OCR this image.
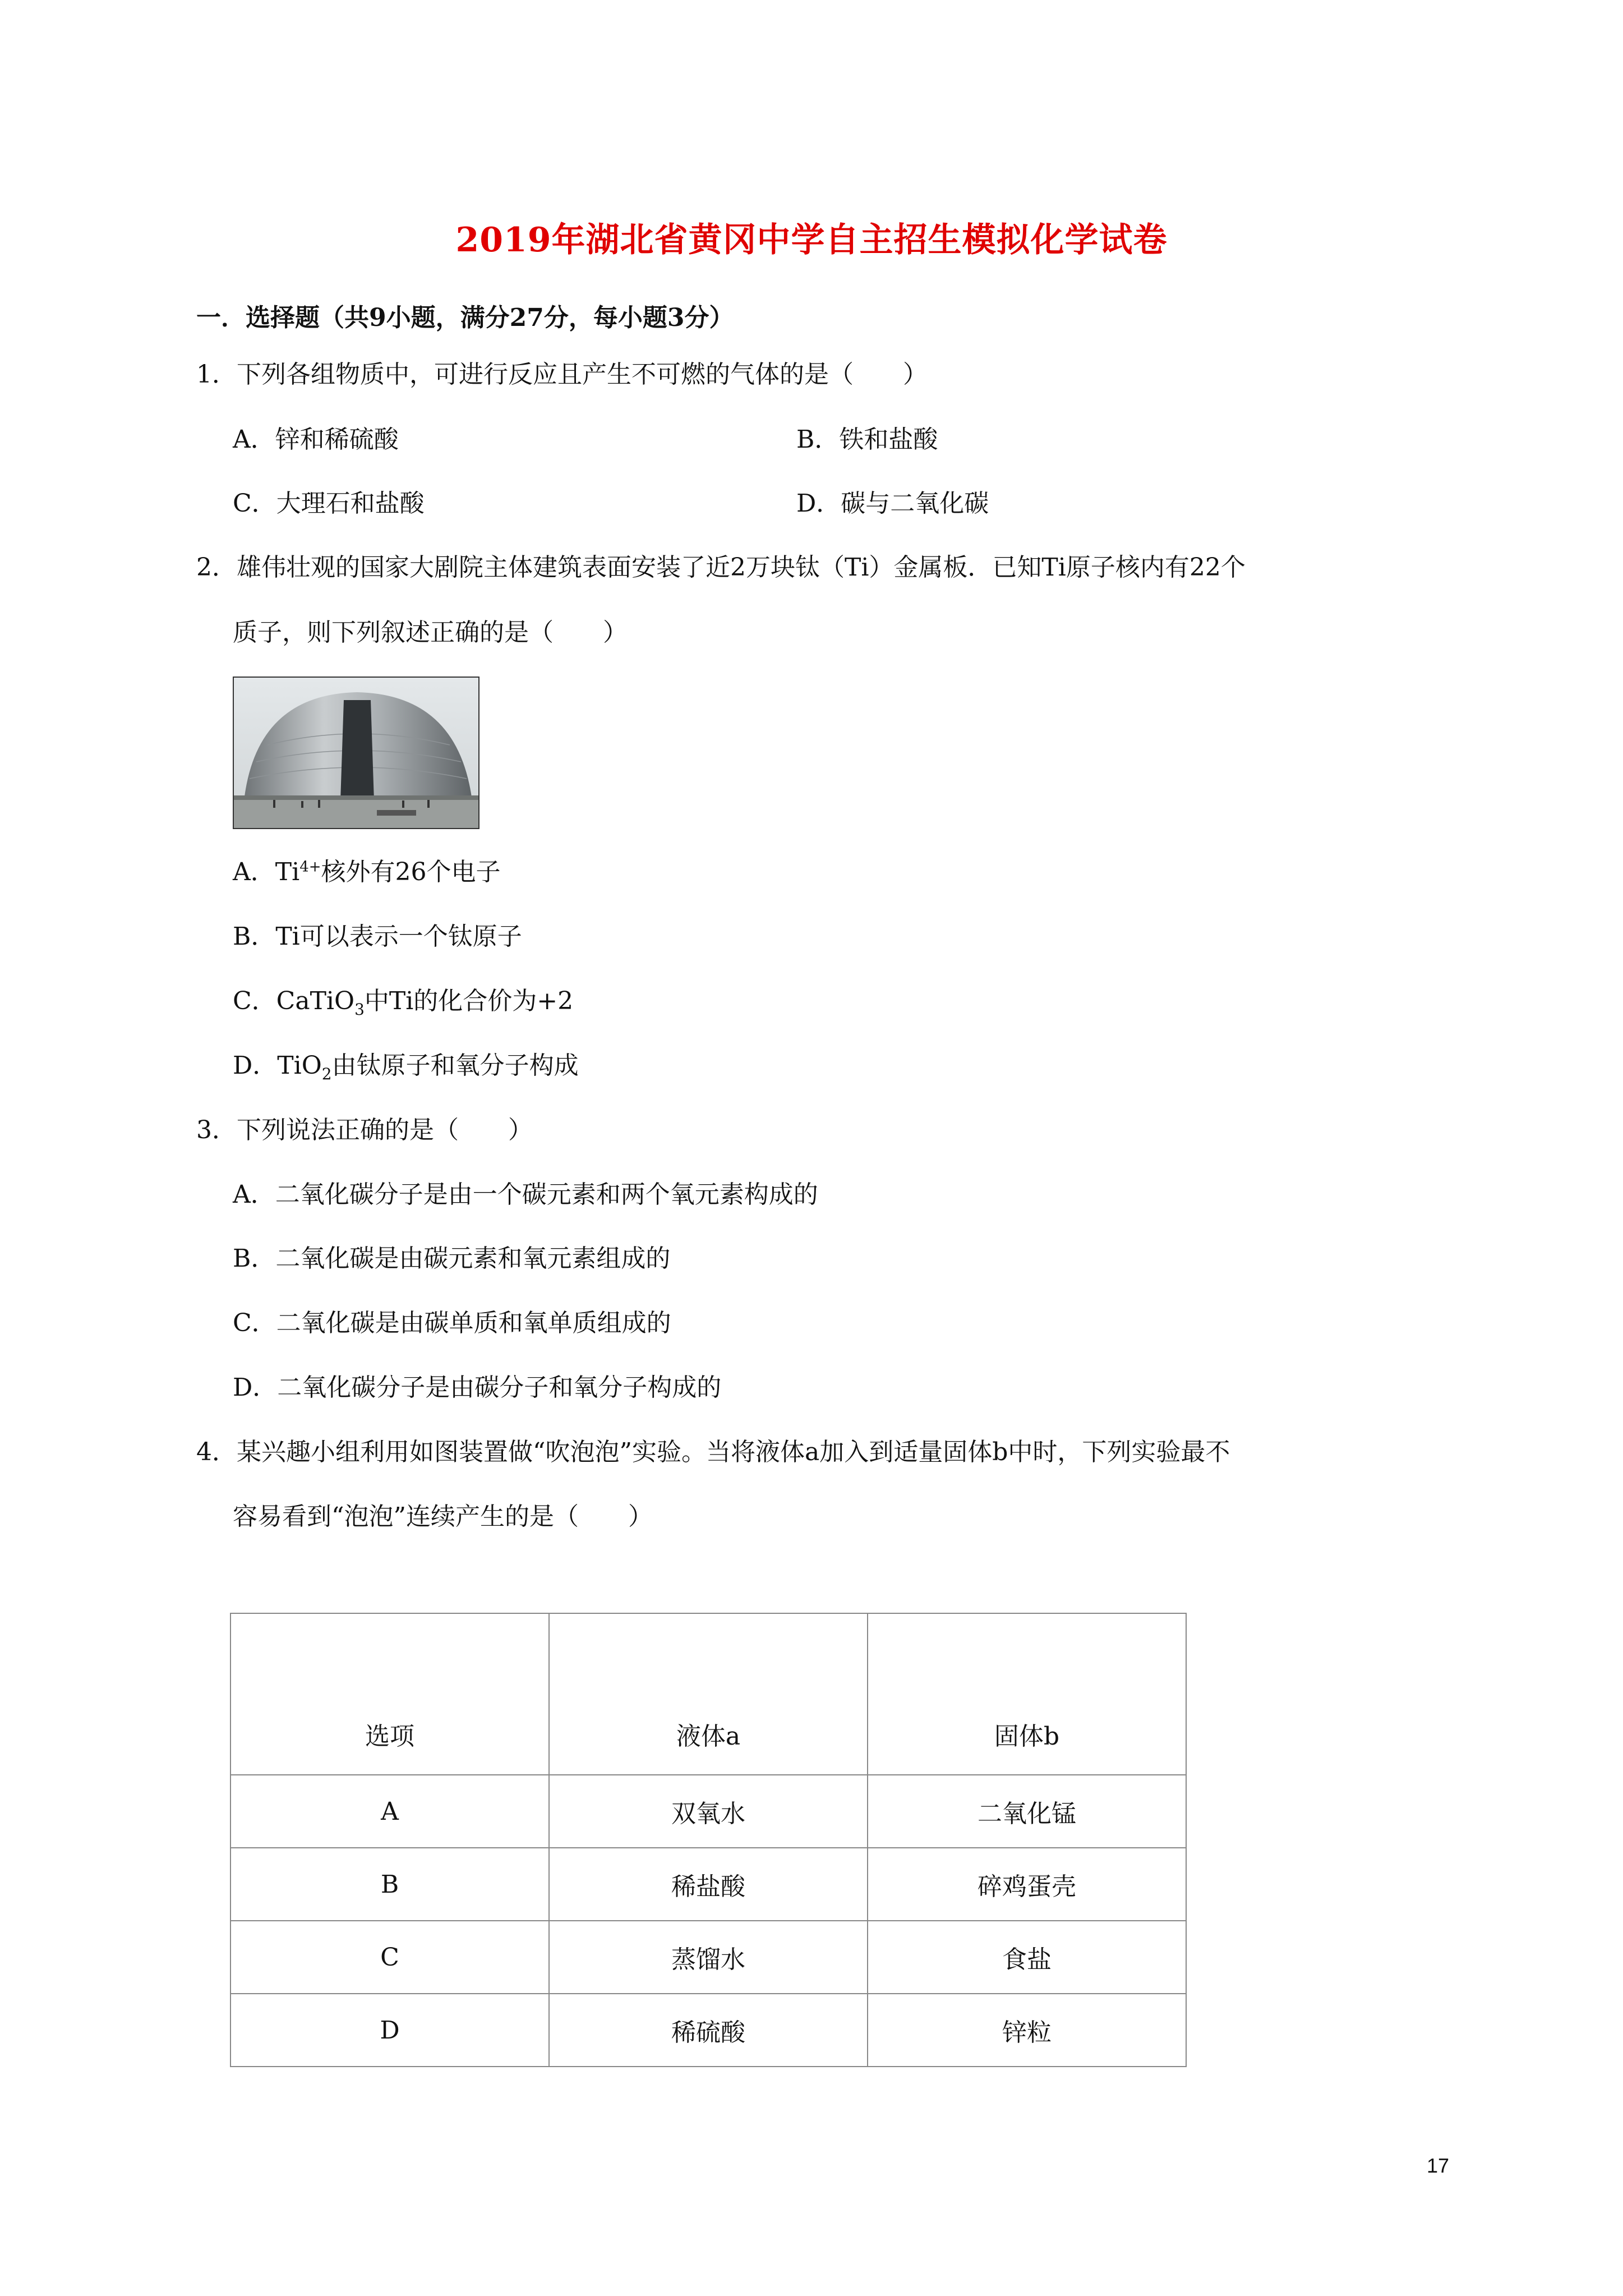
2019年湖北省黄冈中学自主招生模拟化学试卷
一．选择题（共9小题，满分27分，每小题3分）
1．下列各组物质中，可进行反应且产生不可燃的气体的是（　　）
A．锌和稀硫酸	B．铁和盐酸
C．大理石和盐酸	D．碳与二氧化碳
2．雄伟壮观的国家大剧院主体建筑表面安装了近2万块钛（Ti）金属板．已知Ti原子核内有22个
质子，则下列叙述正确的是（　　）
A．$Ti^{4+}$核外有26个电子
B．Ti可以表示一个钛原子
C．CaTiO$_3$中Ti的化合价为+2
D．TiO$_2$由钛原子和氧分子构成
3．下列说法正确的是（　　）
A．二氧化碳分子是由一个碳元素和两个氧元素构成的
B．二氧化碳是由碳元素和氧元素组成的
C．二氧化碳是由碳单质和氧单质组成的
D．二氧化碳分子是由碳分子和氧分子构成的
4．某兴趣小组利用如图装置做“吹泡泡”实验。当将液体a加入到适量固体b中时，下列实验最不
容易看到“泡泡”连续产生的是（　　）
选项	液体a	固体b
A	双氧水	二氧化锰
B	稀盐酸	碎鸡蛋壳
C	蒸馏水	食盐
D	稀硫酸	锌粒
17
